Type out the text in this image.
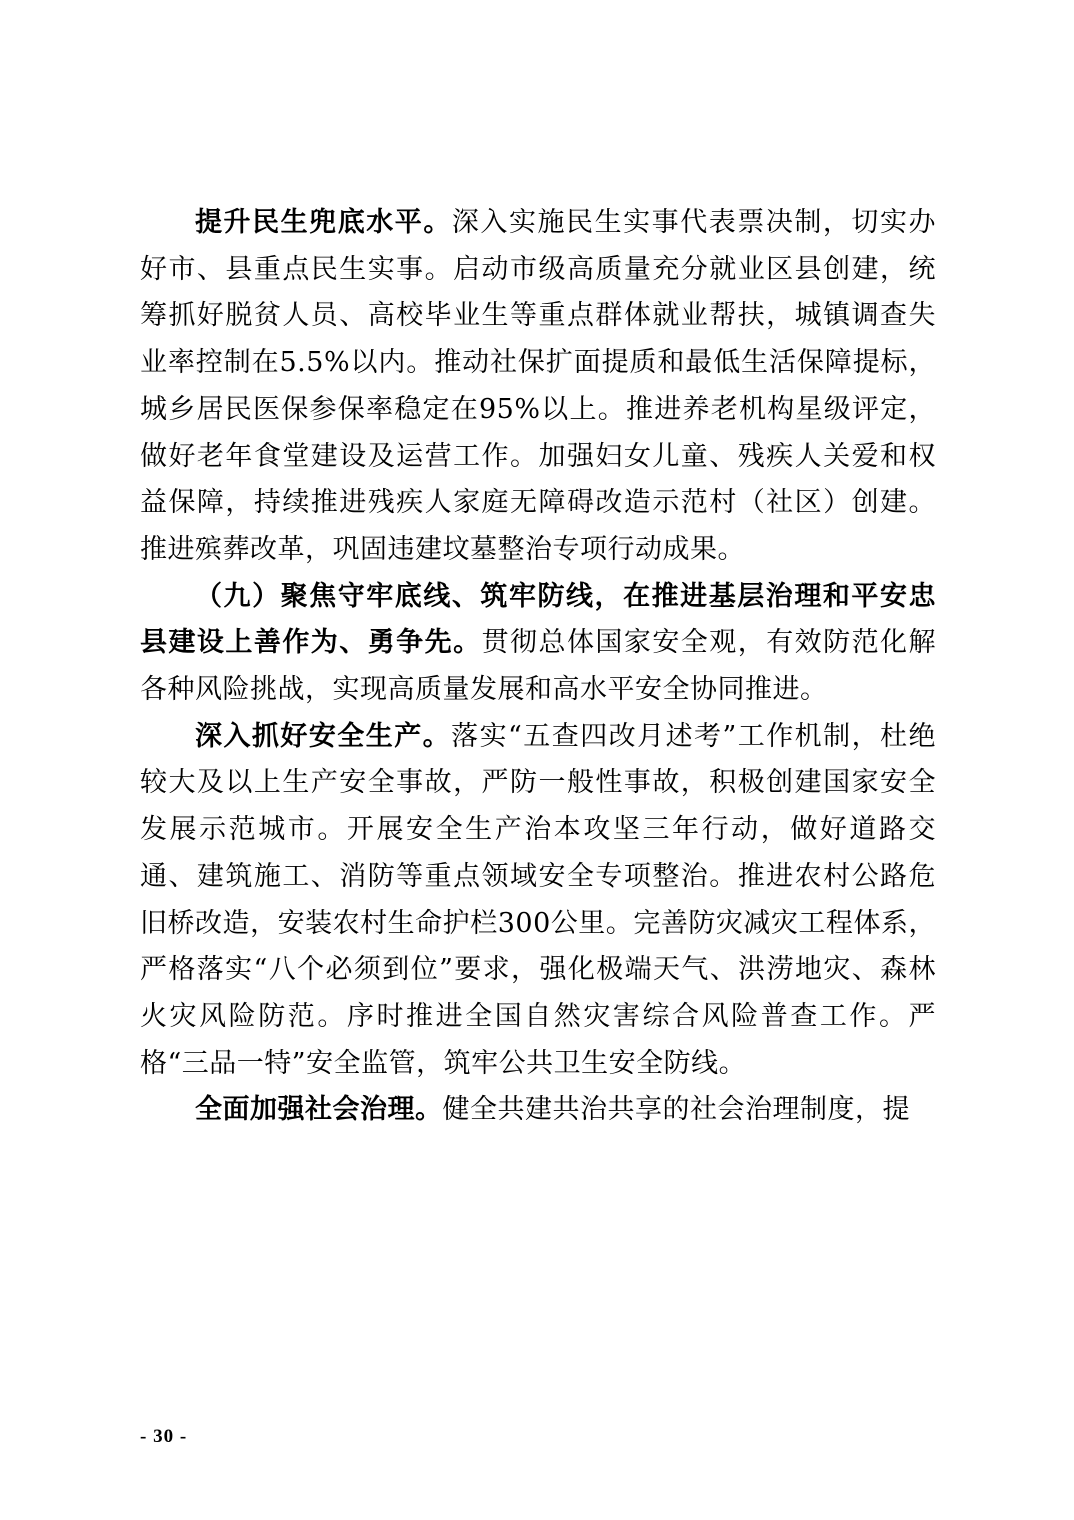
提升民生兜底水平。深入实施民生实事代表票决制，切实办好市、县重点民生实事。启动市级高质量充分就业区县创建，统筹抓好脱贫人员、高校毕业生等重点群体就业帮扶，城镇调查失业率控制在5.5%以内。推动社保扩面提质和最低生活保障提标，城乡居民医保参保率稳定在95%以上。推进养老机构星级评定，做好老年食堂建设及运营工作。加强妇女儿童、残疾人关爱和权益保障，持续推进残疾人家庭无障碍改造示范村（社区）创建。推进殡葬改革，巩固违建坟墓整治专项行动成果。

（九）聚焦守牢底线、筑牢防线，在推进基层治理和平安忠县建设上善作为、勇争先。贯彻总体国家安全观，有效防范化解各种风险挑战，实现高质量发展和高水平安全协同推进。

深入抓好安全生产。落实“五查四改月述考”工作机制，杜绝较大及以上生产安全事故，严防一般性事故，积极创建国家安全发展示范城市。开展安全生产治本攻坚三年行动，做好道路交通、建筑施工、消防等重点领域安全专项整治。推进农村公路危旧桥改造，安装农村生命护栏300公里。完善防灾减灾工程体系，严格落实“八个必须到位”要求，强化极端天气、洪涝地灾、森林火灾风险防范。序时推进全国自然灾害综合风险普查工作。严格“三品一特”安全监管，筑牢公共卫生安全防线。

全面加强社会治理。健全共建共治共享的社会治理制度，提

- 30 -
